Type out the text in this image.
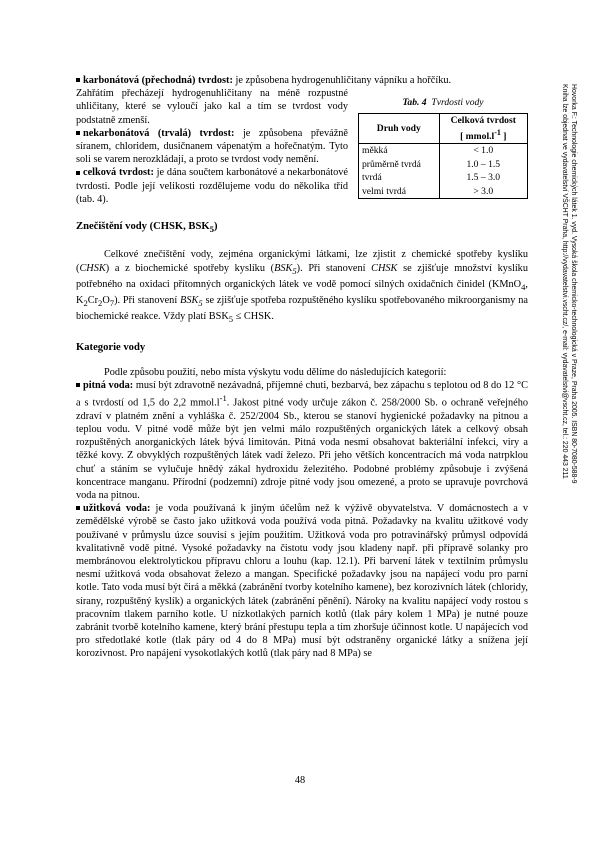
Hovorka F.: Technologie chemických látek 1. vyd. Vysoká škola chemicko-technologická v Praze, Praha 2005. ISBN 80-7080-588-9
Kniha lze objednat ve vydavatelství VŠCHT Praha, http://vydavatelstvi.vscht.cz/, e-mail: vydavatelstvi@vscht.cz, tel.: 220 443 211

karbonátová (přechodná) tvrdost: je způsobena hydrogenuhličitany vápníku a hořčíku.

Zahřátím přecházejí hydrogenuhličitany na méně rozpustné uhličitany, které se vyloučí jako kal a tím se tvrdost vody podstatně zmenší.

nekarbonátová (trvalá) tvrdost: je způsobena převážně síranem, chloridem, dusičnanem vápenatým a hořečnatým. Tyto soli se varem nerozkládají, a proto se tvrdost vody nemění.

celková tvrdost: je dána součtem karbonátové a nekarbonátové tvrdosti. Podle její velikosti rozdělujeme vodu do několika tříd (tab. 4).

Tab. 4 Tvrdosti vody
Druh vody	Celková tvrdost
[ $mmol.l^{-1}$ ]
měkká	< 1.0
průměrně tvrdá	1.0 – 1.5
tvrdá	1.5 – 3.0
velmi tvrdá	> 3.0
Znečištění vody (CHSK, $BSK_5$)

Celkové znečištění vody, zejména organickými látkami, lze zjistit z chemické spotřeby kyslíku (CHSK) a z biochemické spotřeby kyslíku $(BSK_5)$. Při stanovení CHSK se zjišťuje množství kyslíku potřebného na oxidaci přítomných organických látek ve vodě pomocí silných oxidačních činidel (KMnO$_4$, $K_2Cr_2O_7$). Při stanovení $BSK_5$ se zjišťuje spotřeba rozpuštěného kyslíku spotřebovaného mikroorganismy na biochemické reakce. Vždy platí $BSK_5$ ≤ CHSK.

Kategorie vody

Podle způsobu použití, nebo místa výskytu vodu dělíme do následujících kategorií:

pitná voda: musí být zdravotně nezávadná, příjemné chuti, bezbarvá, bez zápachu s teplotou od 8 do 12 °C a s tvrdostí od 1,5 do 2,2 $mmol.l^{-1}$. Jakost pitné vody určuje zákon č. 258/2000 Sb. o ochraně veřejného zdraví v platném znění a vyhláška č. 252/2004 Sb., kterou se stanoví hygienické požadavky na pitnou a teplou vodu. V pitné vodě může být jen velmi málo rozpuštěných organických látek a celkový obsah rozpuštěných anorganických látek bývá limitován. Pitná voda nesmí obsahovat bakteriální infekci, viry a těžké kovy. Z obvyklých rozpuštěných látek vadí železo. Při jeho větších koncentracích má voda natrpklou chuť a stáním se vylučuje hnědý zákal hydroxidu železitého. Podobné problémy způsobuje i zvýšená koncentrace manganu. Přírodní (podzemní) zdroje pitné vody jsou omezené, a proto se upravuje povrchová voda na pitnou.

užitková voda: je voda používaná k jiným účelům než k výživě obyvatelstva. V domácnostech a v zemědělské výrobě se často jako užitková voda používá voda pitná. Požadavky na kvalitu užitkové vody používané v průmyslu úzce souvisí s jejím použitím. Užitková voda pro potravinářský průmysl odpovídá kvalitativně vodě pitné. Vysoké požadavky na čistotu vody jsou kladeny např. při přípravě solanky pro membránovou elektrolytickou přípravu chloru a louhu (kap. 12.1). Při barvení látek v textilním průmyslu nesmí užitková voda obsahovat železo a mangan. Specifické požadavky jsou na napájecí vodu pro parní kotle. Tato voda musí být čirá a měkká (zabránění tvorby kotelního kamene), bez korozivních látek (chloridy, sírany, rozpuštěný kyslík) a organických látek (zabránění pěnění). Nároky na kvalitu napájecí vody rostou s pracovním tlakem parního kotle. U nízkotlakých parních kotlů (tlak páry kolem 1 MPa) je nutné pouze zabránit tvorbě kotelního kamene, který brání přestupu tepla a tím zhoršuje účinnost kotle. U napájecích vod pro středotlaké kotle (tlak páry od 4 do 8 MPa) musí být odstraněny organické látky a snížena její korozivnost. Pro napájení vysokotlakých kotlů (tlak páry nad 8 MPa) se

48
